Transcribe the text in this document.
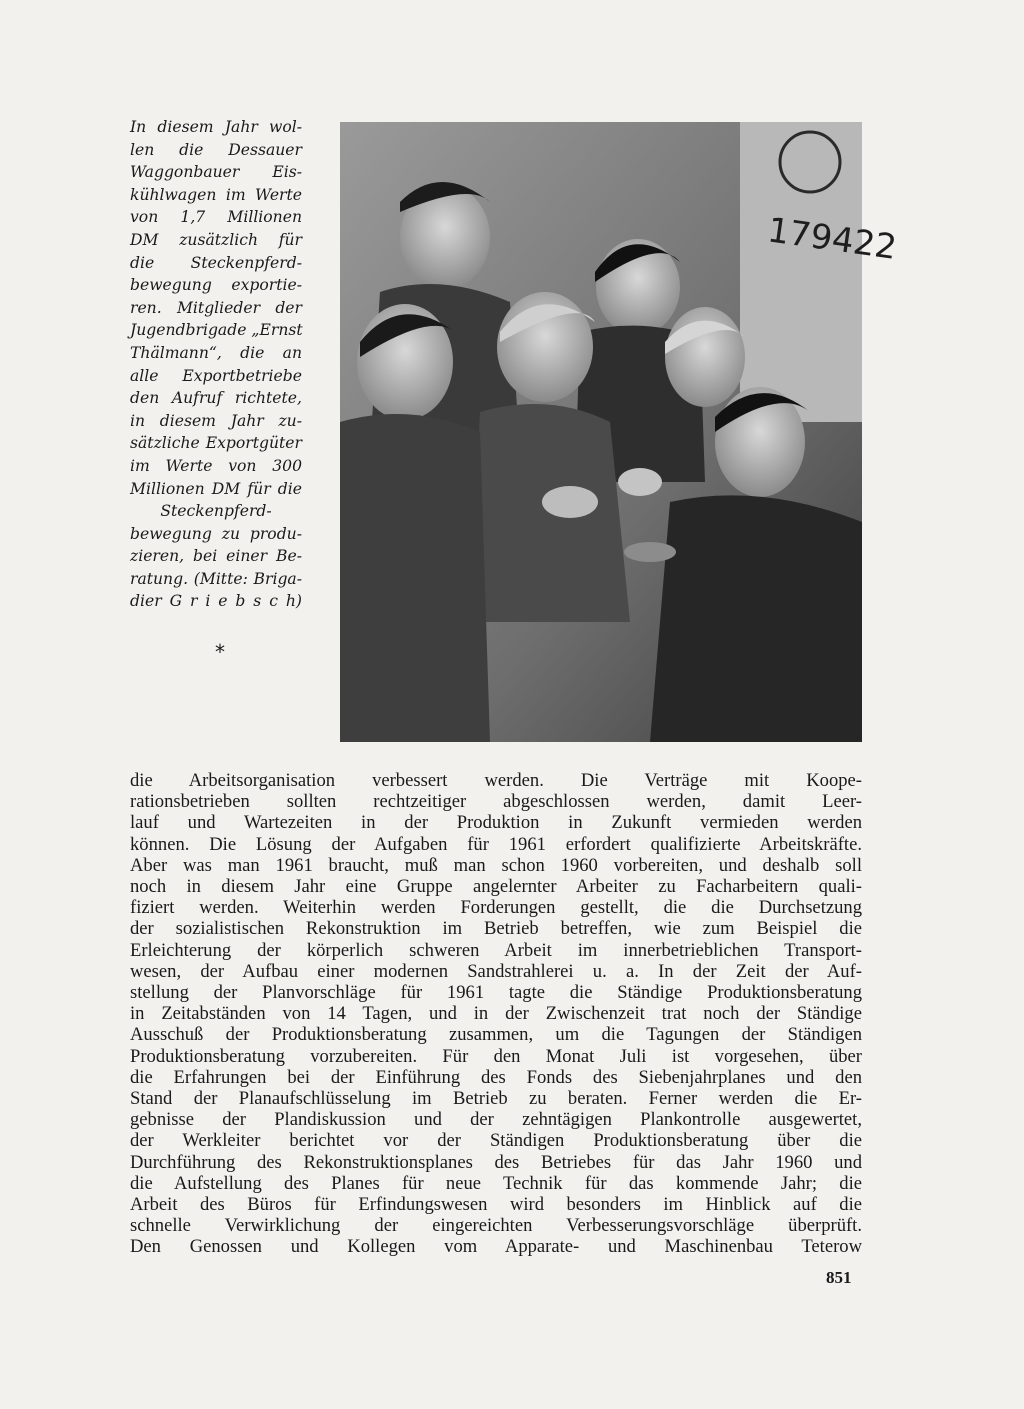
In diesem Jahr wol-
len die Dessauer
Waggonbauer Eis-
kühlwagen im Werte
von 1,7 Millionen
DM zusätzlich für
die Steckenpferd-
bewegung exportie-
ren. Mitglieder der
Jugendbrigade „Ernst
Thälmann“, die an
alle Exportbetriebe
den Aufruf richtete,
in diesem Jahr zu-
sätzliche Exportgüter
im Werte von 300
Millionen DM für die
Steckenpferd-
bewegung zu produ-
zieren, bei einer Be-
ratung. (Mitte: Briga-
dier G r i e b s c h)
*
179422
die Arbeitsorganisation verbessert werden. Die Verträge mit Koope-
rationsbetrieben sollten rechtzeitiger abgeschlossen werden, damit Leer-
lauf und Wartezeiten in der Produktion in Zukunft vermieden werden
können. Die Lösung der Aufgaben für 1961 erfordert qualifizierte Arbeitskräfte.
Aber was man 1961 braucht, muß man schon 1960 vorbereiten, und deshalb soll
noch in diesem Jahr eine Gruppe angelernter Arbeiter zu Facharbeitern quali-
fiziert werden. Weiterhin werden Forderungen gestellt, die die Durchsetzung
der sozialistischen Rekonstruktion im Betrieb betreffen, wie zum Beispiel die
Erleichterung der körperlich schweren Arbeit im innerbetrieblichen Transport-
wesen, der Aufbau einer modernen Sandstrahlerei u. a. In der Zeit der Auf-
stellung der Planvorschläge für 1961 tagte die Ständige Produktionsberatung
in Zeitabständen von 14 Tagen, und in der Zwischenzeit trat noch der Ständige
Ausschuß der Produktionsberatung zusammen, um die Tagungen der Ständigen
Produktionsberatung vorzubereiten. Für den Monat Juli ist vorgesehen, über
die Erfahrungen bei der Einführung des Fonds des Siebenjahrplanes und den
Stand der Planaufschlüsselung im Betrieb zu beraten. Ferner werden die Er-
gebnisse der Plandiskussion und der zehntägigen Plankontrolle ausgewertet,
der Werkleiter berichtet vor der Ständigen Produktionsberatung über die
Durchführung des Rekonstruktionsplanes des Betriebes für das Jahr 1960 und
die Aufstellung des Planes für neue Technik für das kommende Jahr; die
Arbeit des Büros für Erfindungswesen wird besonders im Hinblick auf die
schnelle Verwirklichung der eingereichten Verbesserungsvorschläge überprüft.
Den Genossen und Kollegen vom Apparate- und Maschinenbau Teterow
851
